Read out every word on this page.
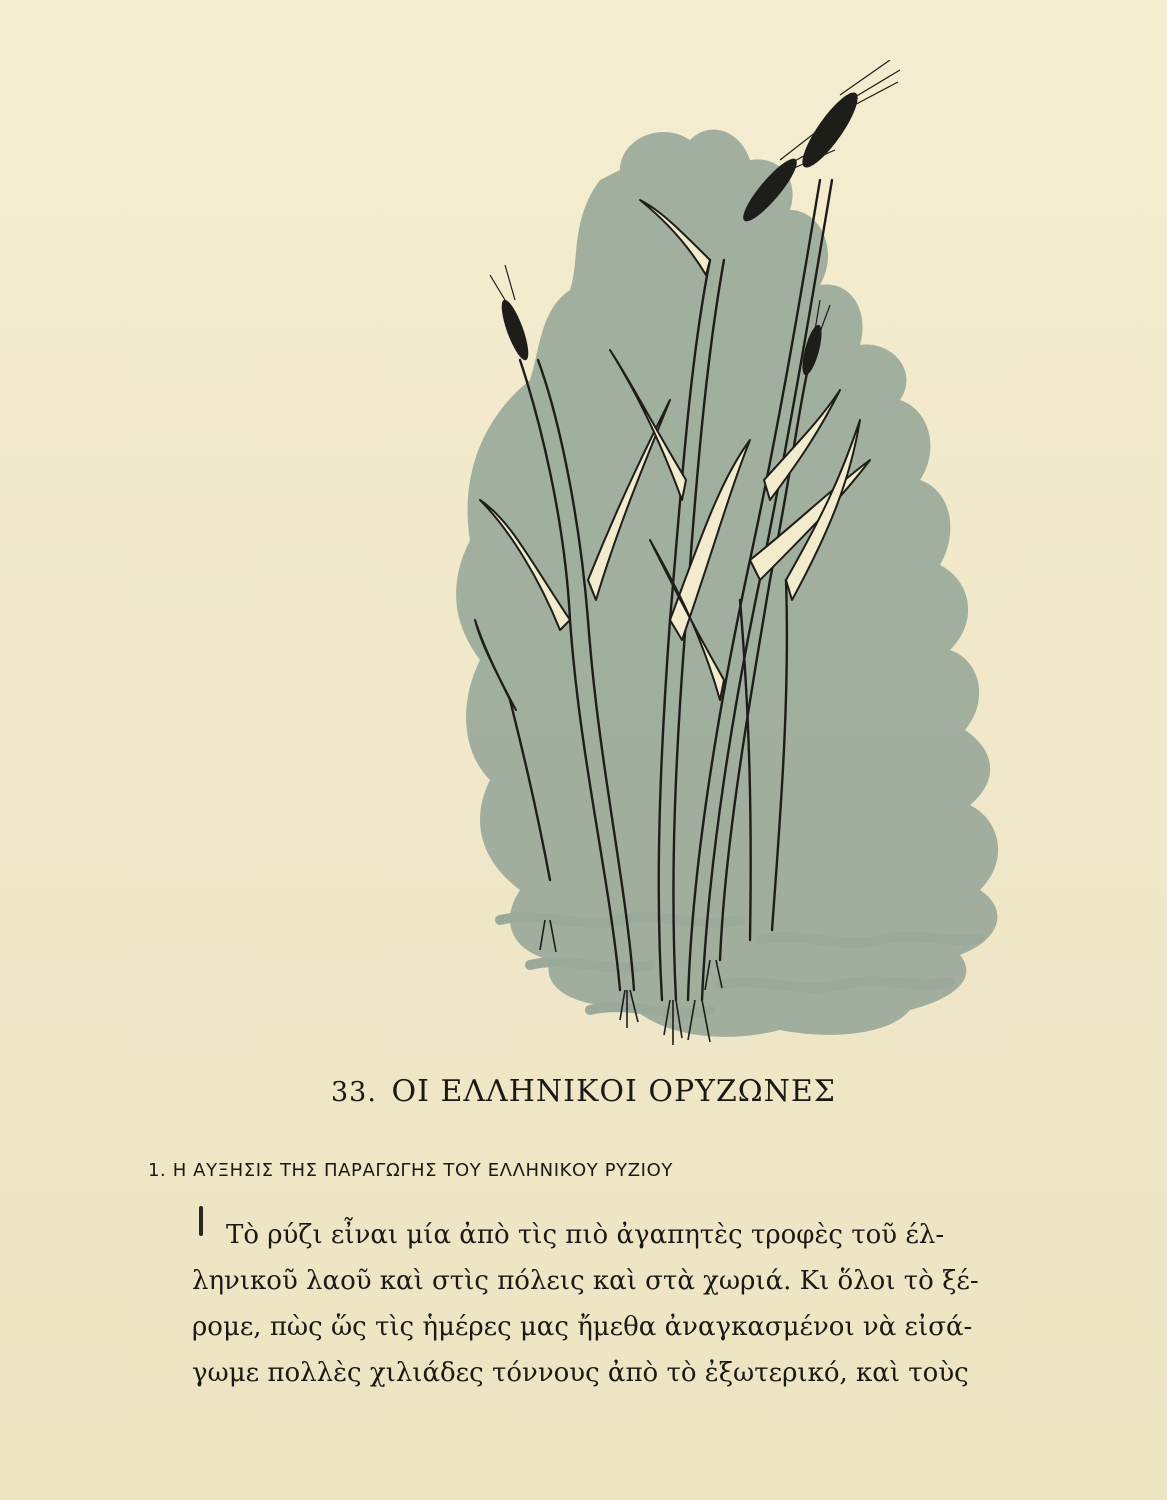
33. ΟΙ ΕΛΛΗΝΙΚΟΙ ΟΡΥΖΩΝΕΣ
1. Η ΑΥΞΗΣΙΣ ΤΗΣ ΠΑΡΑΓΩΓΗΣ ΤΟΥ ΕΛΛΗΝΙΚΟΥ ΡΥΖΙΟΥ
Τὸ ρύζι εἶναι μία ἀπὸ τὶς πιὸ ἀγαπητὲς τροφὲς τοῦ έλ-
ληνικοῦ λαοῦ καὶ στὶς πόλεις καὶ στὰ χωριά. Κι ὅλοι τὸ ξέ-
ρομε, πὼς ὥς τὶς ἡμέρες μας ἤμεθα ἀναγκασμένοι νὰ εἰσά-
γωμε πολλὲς χιλιάδες τόννους ἀπὸ τὸ ἐξωτερικό, καὶ τοὺς
